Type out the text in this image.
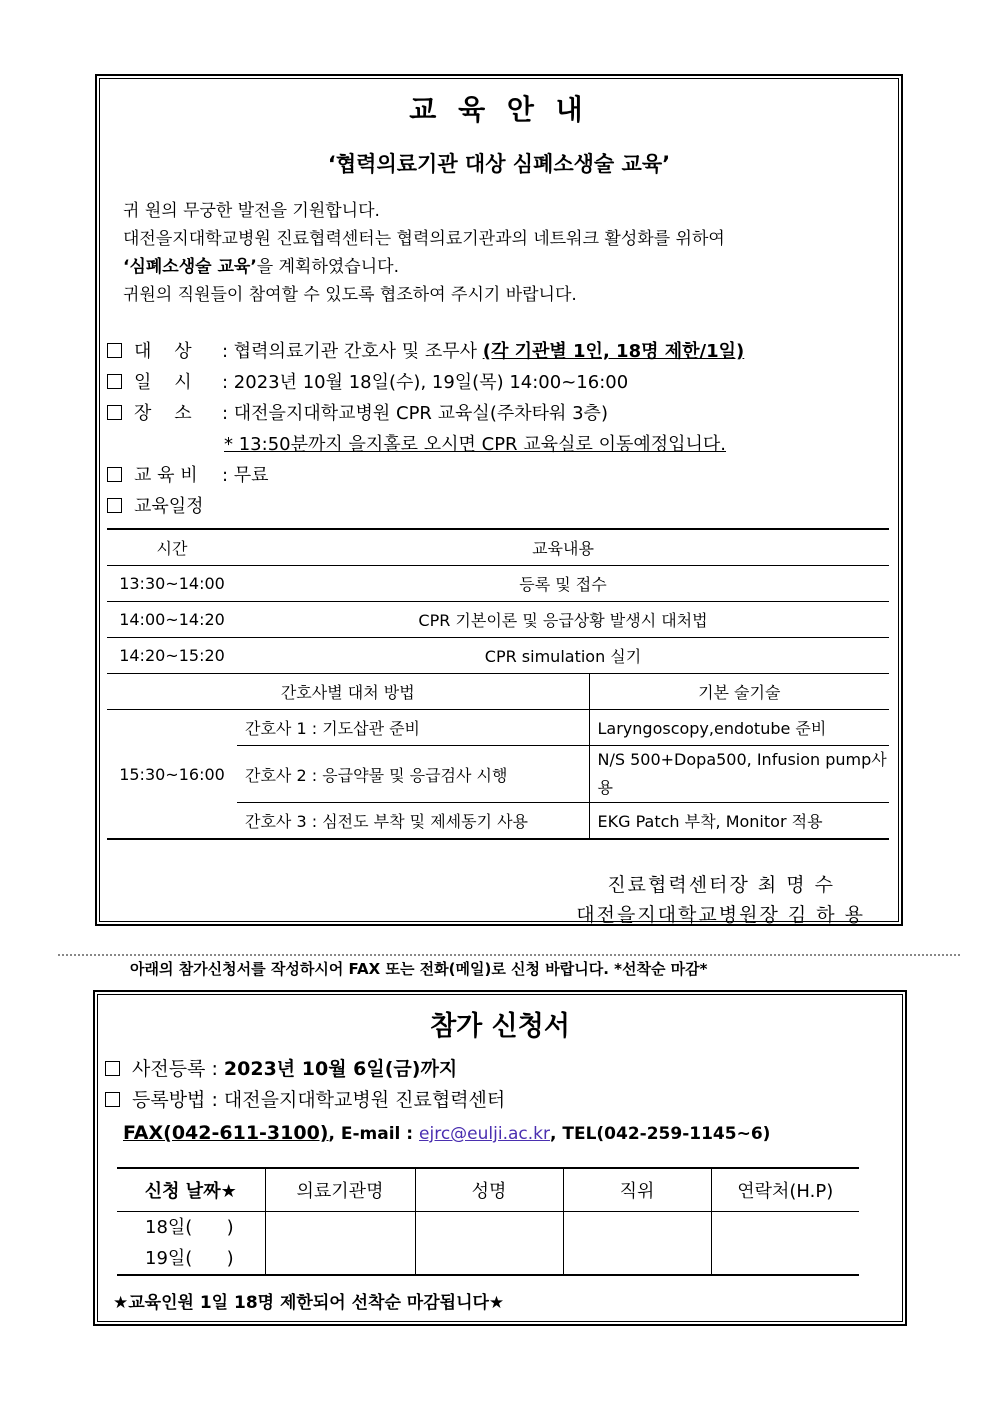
교 육 안 내
‘협력의료기관 대상 심폐소생술 교육’
귀 원의 무궁한 발전을 기원합니다.
대전을지대학교병원 진료협력센터는 협력의료기관과의 네트워크 활성화를 위하여
‘심폐소생술 교육’을 계획하였습니다.
귀원의 직원들이 참여할 수 있도록 협조하여 주시기 바랍니다.
대    상 : 협력의료기관 간호사 및 조무사 (각 기관별 1인, 18명 제한/1일)
일    시 : 2023년 10월 18일(수), 19일(목) 14:00~16:00
장    소 : 대전을지대학교병원 CPR 교육실(주차타워 3층)
* 13:50분까지 을지홀로 오시면 CPR 교육실로 이동예정입니다.
교 육 비 : 무료
교육일정
시간	교육내용	
13:30~14:00	등록 및 접수	
14:00~14:20	CPR 기본이론 및 응급상황 발생시 대처법	
14:20~15:20	CPR simulation 실기	
간호사별 대처 방법		기본 술기술
15:30~16:00	간호사 1 : 기도삽관 준비	Laryngoscopy,endotube 준비
	간호사 2 : 응급약물 및 응급검사 시행	N/S 500+Dopa500, Infusion pump사용
	간호사 3 : 심전도 부착 및 제세동기 사용	EKG Patch 부착, Monitor 적용
진료협력센터장 최 명 수
대전을지대학교병원장 김 하 용
아래의 참가신청서를 작성하시어 FAX 또는 전화(메일)로 신청 바랍니다. *선착순 마감*
참가 신청서
사전등록 : 2023년 10월 6일(금)까지
등록방법 : 대전을지대학교병원 진료협력센터
FAX(042-611-3100), E-mail : ejrc@eulji.ac.kr, TEL(042-259-1145~6)
신청 날짜★	의료기관명	성명	직위	연락처(H.P)

18일(      )
19일(      )				

★교육인원 1일 18명 제한되어 선착순 마감됩니다★
